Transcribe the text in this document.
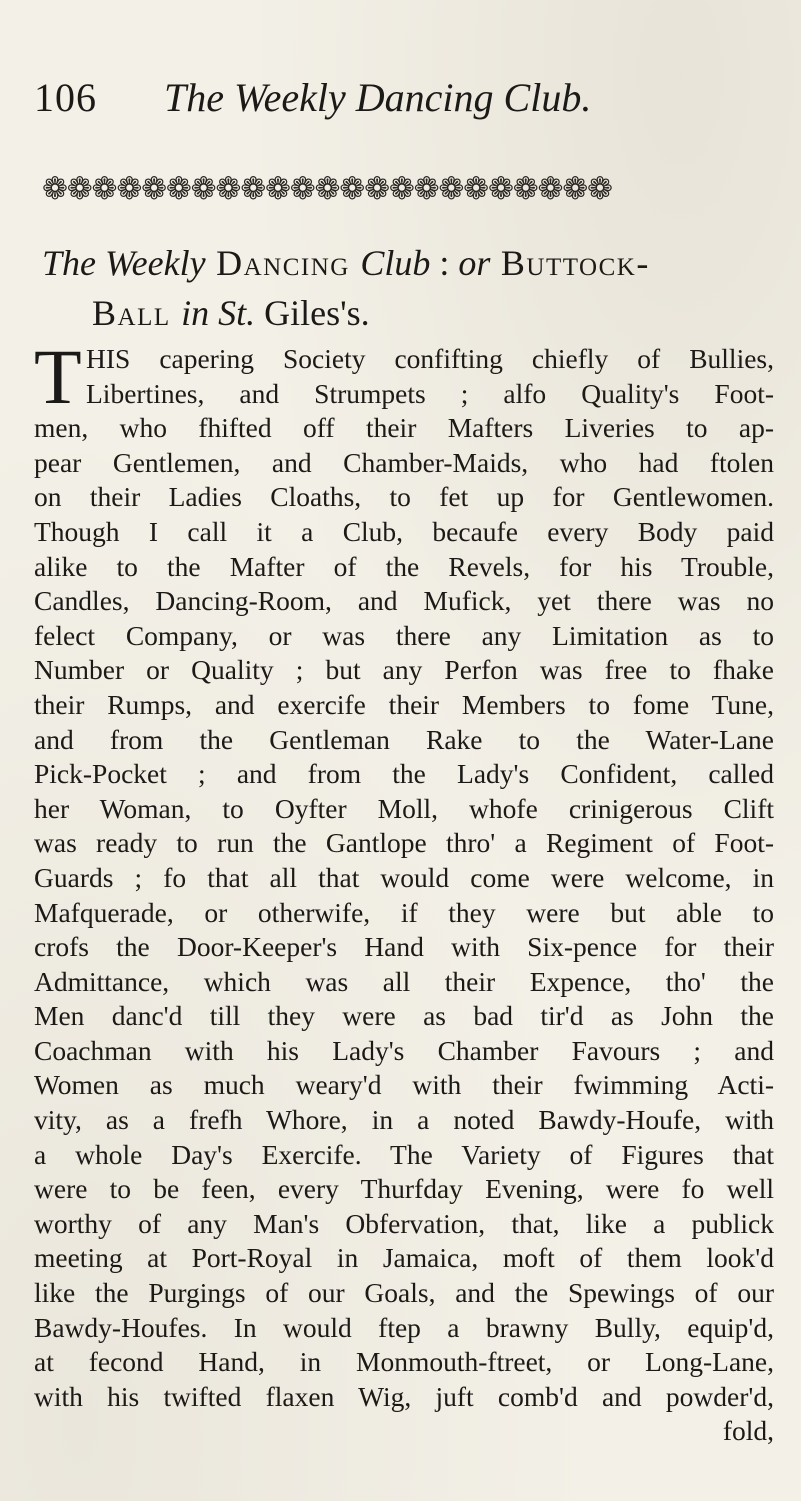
106 The Weekly Dancing Club.
❁❁❁❁❁❁❁❁❁❁❁❁❁❁❁❁❁❁❁❁❁❁❁
The Weekly Dancing Club : or Buttock-
Ball in St. Giles's.
T HIS capering Society confifting chiefly of Bullies,
Libertines, and Strumpets ; alfo Quality's Foot-
men, who fhifted off their Mafters Liveries to ap-
pear Gentlemen, and Chamber-Maids, who had ftolen
on their Ladies Cloaths, to fet up for Gentlewomen.
Though I call it a Club, becaufe every Body paid
alike to the Mafter of the Revels, for his Trouble,
Candles, Dancing-Room, and Mufick, yet there was no
felect Company, or was there any Limitation as to
Number or Quality ; but any Perfon was free to fhake
their Rumps, and exercife their Members to fome Tune,
and from the Gentleman Rake to the Water-Lane
Pick-Pocket ; and from the Lady's Confident, called
her Woman, to Oyfter Moll, whofe crinigerous Clift
was ready to run the Gantlope thro' a Regiment of Foot-
Guards ; fo that all that would come were welcome, in
Mafquerade, or otherwife, if they were but able to
crofs the Door-Keeper's Hand with Six-pence for their
Admittance, which was all their Expence, tho' the
Men danc'd till they were as bad tir'd as John the
Coachman with his Lady's Chamber Favours ; and
Women as much weary'd with their fwimming Acti-
vity, as a frefh Whore, in a noted Bawdy-Houfe, with
a whole Day's Exercife. The Variety of Figures that
were to be feen, every Thurfday Evening, were fo well
worthy of any Man's Obfervation, that, like a publick
meeting at Port-Royal in Jamaica, moft of them look'd
like the Purgings of our Goals, and the Spewings of our
Bawdy-Houfes. In would ftep a brawny Bully, equip'd,
at fecond Hand, in Monmouth-ftreet, or Long-Lane,
with his twifted flaxen Wig, juft comb'd and powder'd,
fold,
